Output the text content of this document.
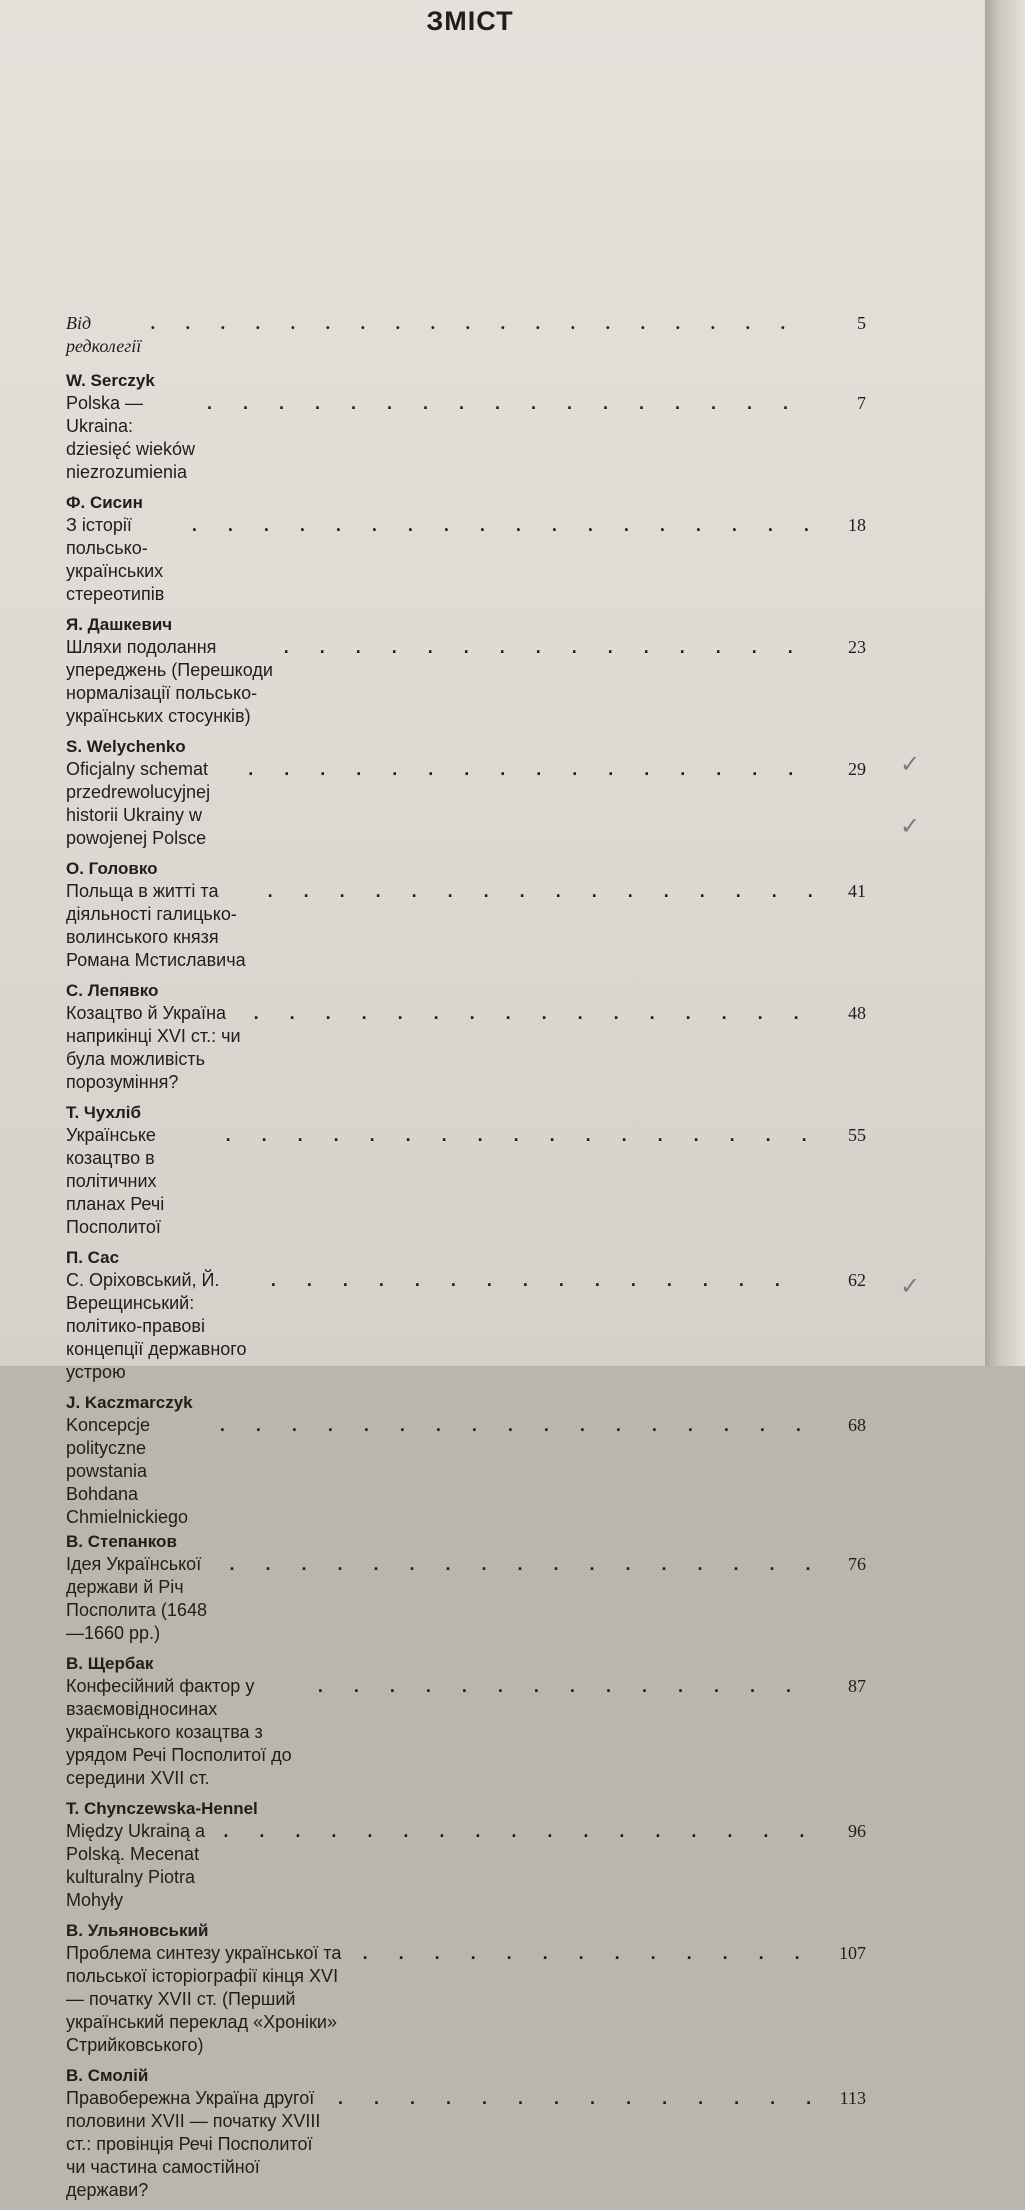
ЗМІСТ
Від редколегії
. . .
5
W. Serczyk
Polska — Ukraina: dziesięć wieków niezrozumienia
. . .
7
Ф. Сисин
З історії польсько-українських стереотипів
. . .
18
Я. Дашкевич
Шляхи подолання упереджень (Перешкоди нормалізації польсько-українських стосунків)
. . .
23
S. Welychenko
Oficjalny schemat przedrewolucyjnej historii Ukrainy w powojenej Polsce
. . .
29
О. Головко
Польща в житті та діяльності галицько-волинського князя Романа Мстиславича
. . .
41
С. Лепявко
Козацтво й Україна наприкінці XVI ст.: чи була можливість порозуміння?
. . .
48
Т. Чухліб
Українське козацтво в політичних планах Речі Посполитої
. . .
55
П. Сас
С. Оріховський, Й. Верещинський: політико-правові концепції державного устрою
. . .
62
J. Kaczmarczyk
Koncepcje polityczne powstania Bohdana Chmielnickiego
. . .
68
В. Степанков
Ідея Української держави й Річ Посполита (1648—1660 рр.)
. . .
76
В. Щербак
Конфесійний фактор у взаємовідносинах українського козацтва з урядом Речі Посполитої до середини XVII ст.
. . .
87
T. Chynczewska-Hennel
Między Ukrainą a Polską. Mecenat kulturalny Piotra Mohyły
. . .
96
В. Ульяновський
Проблема синтезу української та польської історіографії кінця XVI — початку XVII ст. (Перший український переклад «Хроніки» Стрийковського)
. . .
107
В. Смолій
Правобережна Україна другої половини XVII — початку XVIII ст.: провінція Речі Посполитої чи частина самостійної держави?
. . .
113
✓
✓
✓
